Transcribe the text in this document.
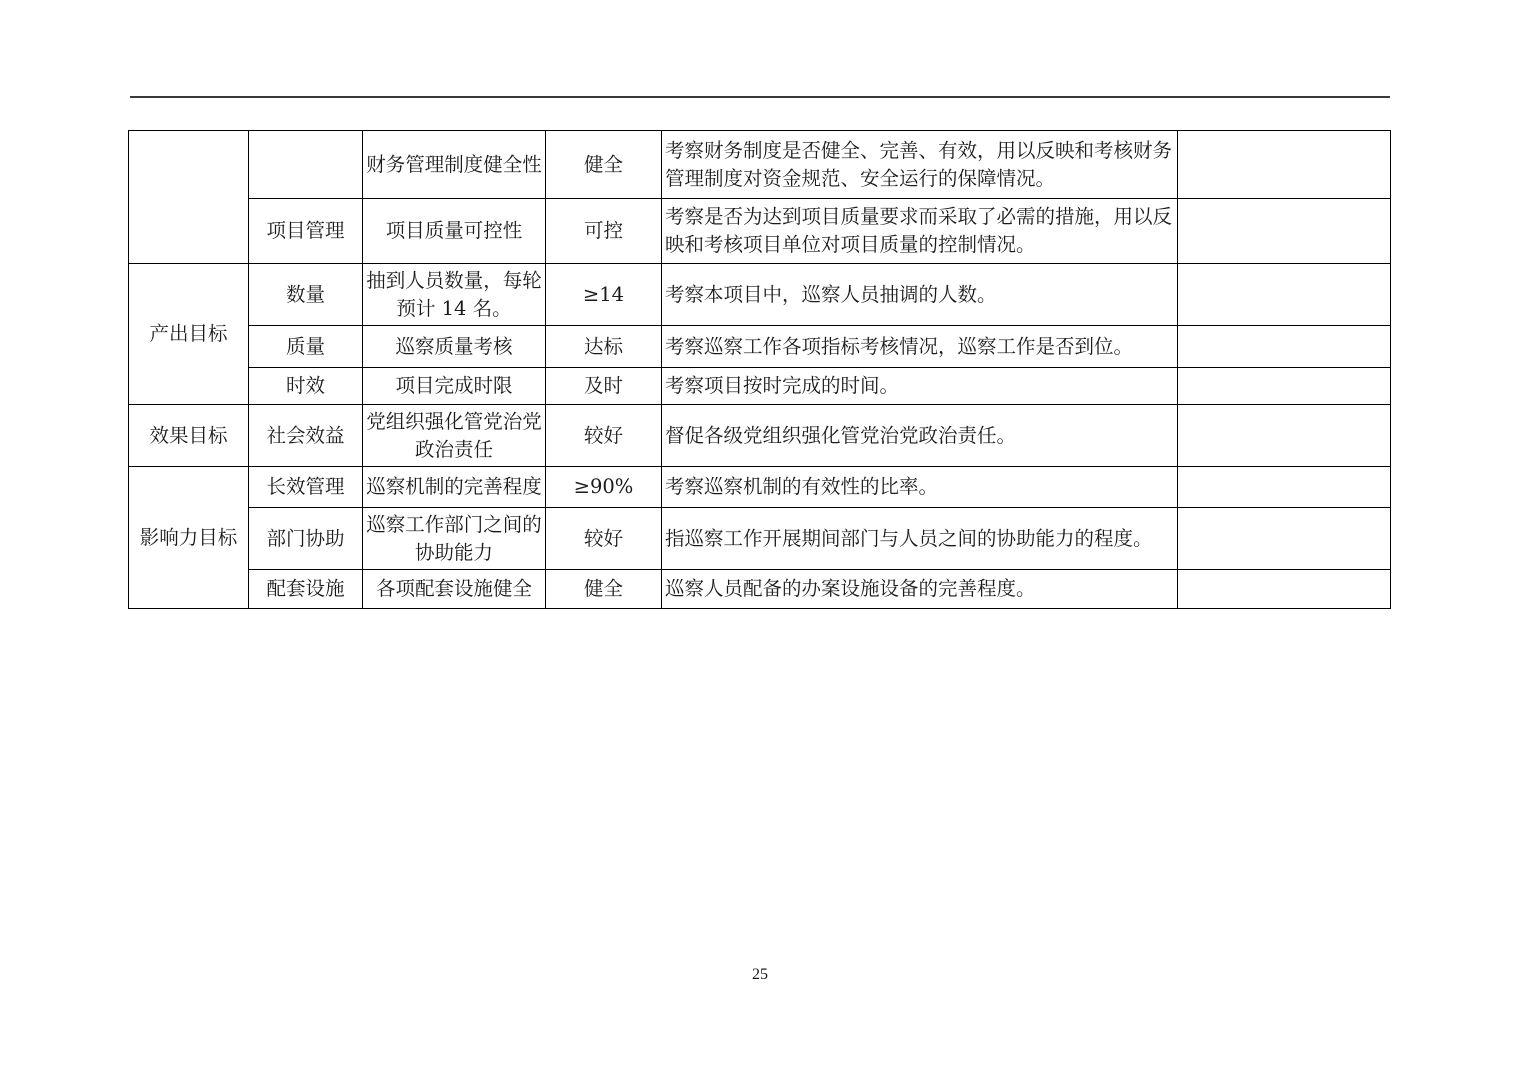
		财务管理制度健全性	健全	考察财务制度是否健全、完善、有效，用以反映和考核财务管理制度对资金规范、安全运行的保障情况。	
	项目管理	项目质量可控性	可控	考察是否为达到项目质量要求而采取了必需的措施，用以反映和考核项目单位对项目质量的控制情况。	
产出目标	数量	抽到人员数量，每轮预计 14 名。	≥14	考察本项目中，巡察人员抽调的人数。	
	质量	巡察质量考核	达标	考察巡察工作各项指标考核情况，巡察工作是否到位。	
	时效	项目完成时限	及时	考察项目按时完成的时间。	
效果目标	社会效益	党组织强化管党治党政治责任	较好	督促各级党组织强化管党治党政治责任。	
影响力目标	长效管理	巡察机制的完善程度	≥90%	考察巡察机制的有效性的比率。	
	部门协助	巡察工作部门之间的协助能力	较好	指巡察工作开展期间部门与人员之间的协助能力的程度。	
	配套设施	各项配套设施健全	健全	巡察人员配备的办案设施设备的完善程度。	
25
